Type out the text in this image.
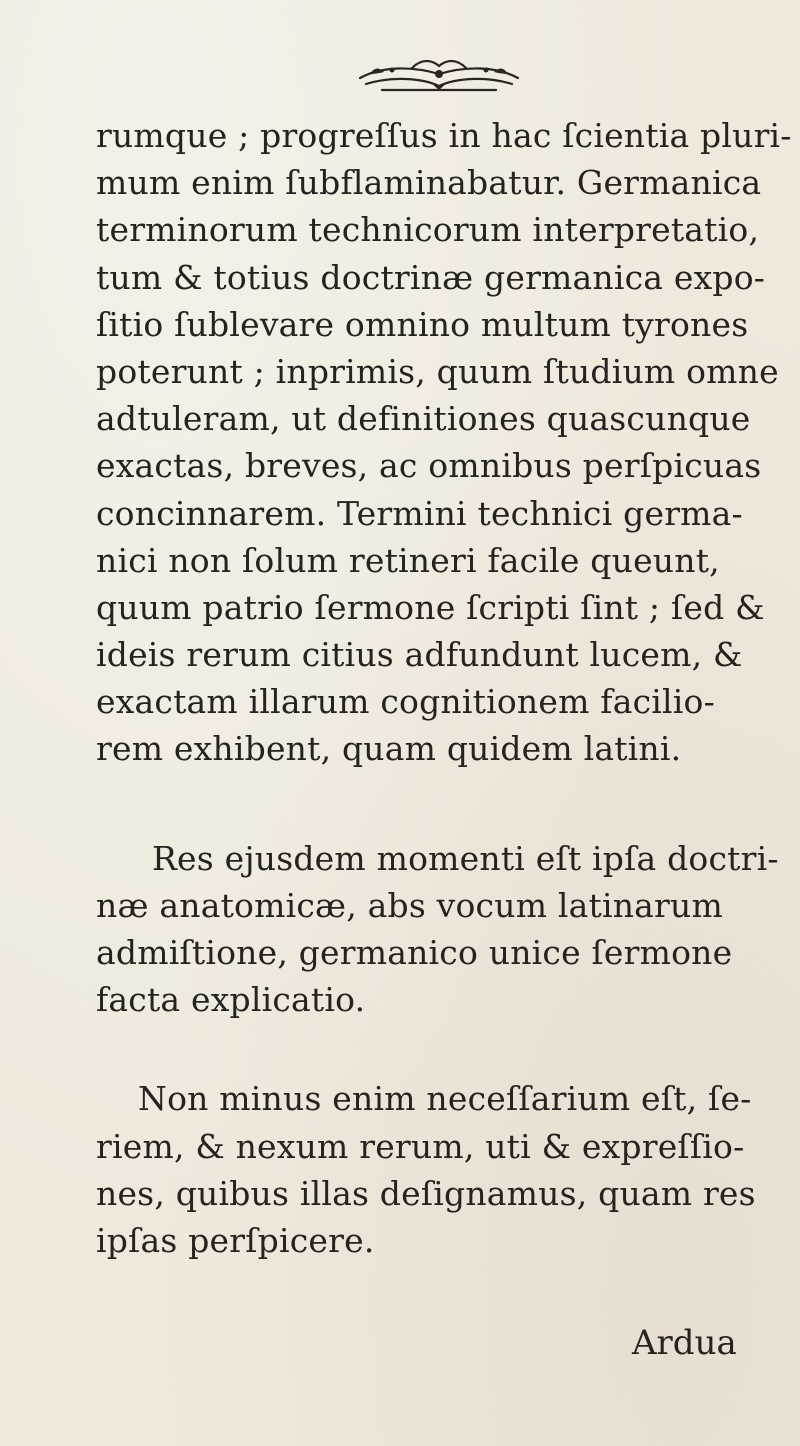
rumque ; progreſſus in hac ſcientia pluri-
mum enim ſubflaminabatur. Germanica
terminorum technicorum interpretatio,
tum & totius doctrinæ germanica expo-
ſitio ſublevare omnino multum tyrones
poterunt ; inprimis, quum ſtudium omne
adtuleram, ut definitiones quascunque
exactas, breves, ac omnibus perſpicuas
concinnarem. Termini technici germa-
nici non ſolum retineri facile queunt,
quum patrio ſermone ſcripti ſint ; ſed &
ideis rerum citius adfundunt lucem, &
exactam illarum cognitionem facilio-
rem exhibent, quam quidem latini.
Res ejusdem momenti eſt ipſa doctri-
næ anatomicæ, abs vocum latinarum
admiſtione, germanico unice ſermone
facta explicatio.
Non minus enim neceſſarium eſt, ſe-
riem, & nexum rerum, uti & expreſſio-
nes, quibus illas deſignamus, quam res
ipſas perſpicere.
Ardua
